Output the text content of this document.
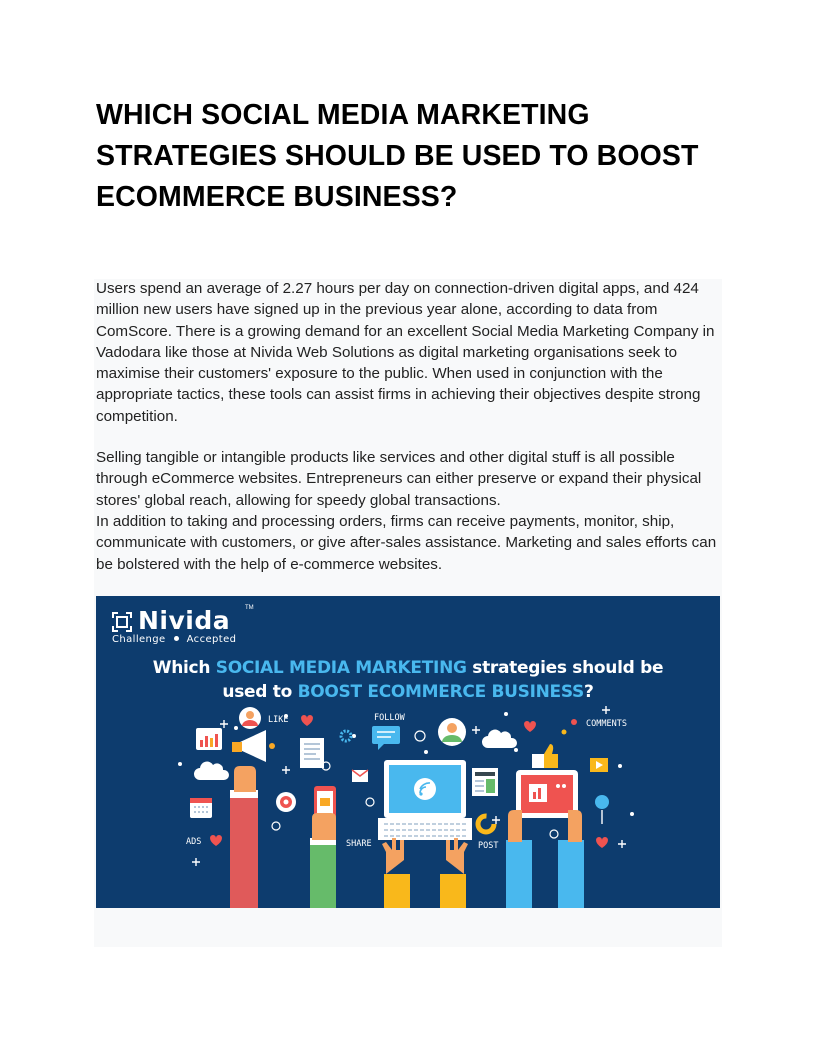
WHICH SOCIAL MEDIA MARKETING STRATEGIES SHOULD BE USED TO BOOST ECOMMERCE BUSINESS?

Users spend an average of 2.27 hours per day on connection-driven digital apps, and 424 million new users have signed up in the previous year alone, according to data from ComScore. There is a growing demand for an excellent Social Media Marketing Company in Vadodara like those at Nivida Web Solutions as digital marketing organisations seek to maximise their customers' exposure to the public. When used in conjunction with the appropriate tactics, these tools can assist firms in achieving their objectives despite strong competition.

Selling tangible or intangible products like services and other digital stuff is all possible through eCommerce websites. Entrepreneurs can either preserve or expand their physical stores' global reach, allowing for speedy global transactions.

In addition to taking and processing orders, firms can receive payments, monitor, ship, communicate with customers, or give after-sales assistance. Marketing and sales efforts can be bolstered with the help of e-commerce websites.

Nivida TM
Challenge Accepted
Which SOCIAL MEDIA MARKETING strategies should be
used to BOOST ECOMMERCE BUSINESS?
LIKE	FOLLOW
ADS	SHARE	POST
COMMENTS
